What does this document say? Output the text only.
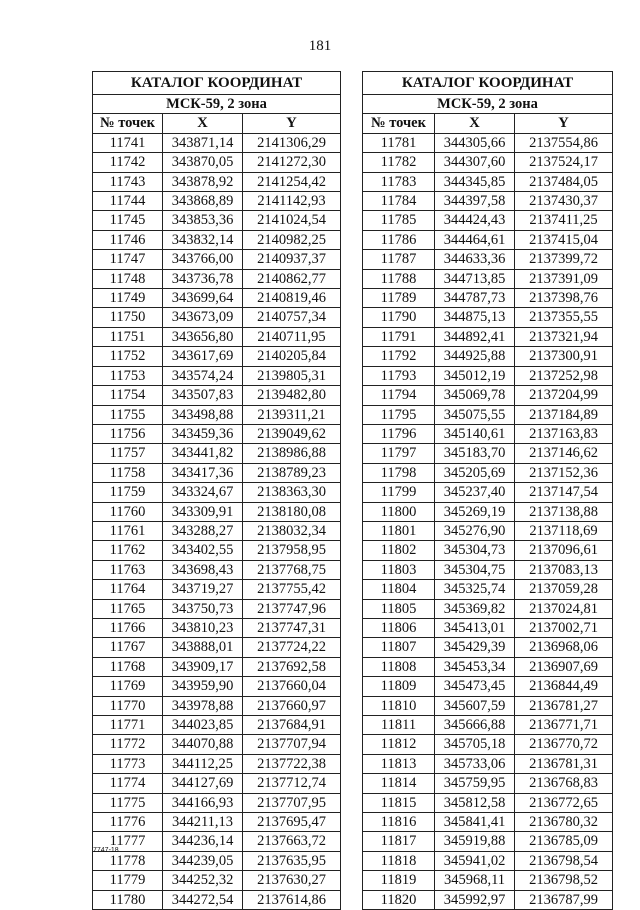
181
КАТАЛОГ КООРДИНАТ		
МСК-59, 2 зона		
№ точек	X	Y
11741	343871,14	2141306,29
11742	343870,05	2141272,30
11743	343878,92	2141254,42
11744	343868,89	2141142,93
11745	343853,36	2141024,54
11746	343832,14	2140982,25
11747	343766,00	2140937,37
11748	343736,78	2140862,77
11749	343699,64	2140819,46
11750	343673,09	2140757,34
11751	343656,80	2140711,95
11752	343617,69	2140205,84
11753	343574,24	2139805,31
11754	343507,83	2139482,80
11755	343498,88	2139311,21
11756	343459,36	2139049,62
11757	343441,82	2138986,88
11758	343417,36	2138789,23
11759	343324,67	2138363,30
11760	343309,91	2138180,08
11761	343288,27	2138032,34
11762	343402,55	2137958,95
11763	343698,43	2137768,75
11764	343719,27	2137755,42
11765	343750,73	2137747,96
11766	343810,23	2137747,31
11767	343888,01	2137724,22
11768	343909,17	2137692,58
11769	343959,90	2137660,04
11770	343978,88	2137660,97
11771	344023,85	2137684,91
11772	344070,88	2137707,94
11773	344112,25	2137722,38
11774	344127,69	2137712,74
11775	344166,93	2137707,95
11776	344211,13	2137695,47
11777	344236,14	2137663,72
11778	344239,05	2137635,95
11779	344252,32	2137630,27
11780	344272,54	2137614,86
КАТАЛОГ КООРДИНАТ		
МСК-59, 2 зона		
№ точек	X	Y
11781	344305,66	2137554,86
11782	344307,60	2137524,17
11783	344345,85	2137484,05
11784	344397,58	2137430,37
11785	344424,43	2137411,25
11786	344464,61	2137415,04
11787	344633,36	2137399,72
11788	344713,85	2137391,09
11789	344787,73	2137398,76
11790	344875,13	2137355,55
11791	344892,41	2137321,94
11792	344925,88	2137300,91
11793	345012,19	2137252,98
11794	345069,78	2137204,99
11795	345075,55	2137184,89
11796	345140,61	2137163,83
11797	345183,70	2137146,62
11798	345205,69	2137152,36
11799	345237,40	2137147,54
11800	345269,19	2137138,88
11801	345276,90	2137118,69
11802	345304,73	2137096,61
11803	345304,75	2137083,13
11804	345325,74	2137059,28
11805	345369,82	2137024,81
11806	345413,01	2137002,71
11807	345429,39	2136968,06
11808	345453,34	2136907,69
11809	345473,45	2136844,49
11810	345607,59	2136781,27
11811	345666,88	2136771,71
11812	345705,18	2136770,72
11813	345733,06	2136781,31
11814	345759,95	2136768,83
11815	345812,58	2136772,65
11816	345841,41	2136780,32
11817	345919,88	2136785,09
11818	345941,02	2136798,54
11819	345968,11	2136798,52
11820	345992,97	2136787,99
7747-18
